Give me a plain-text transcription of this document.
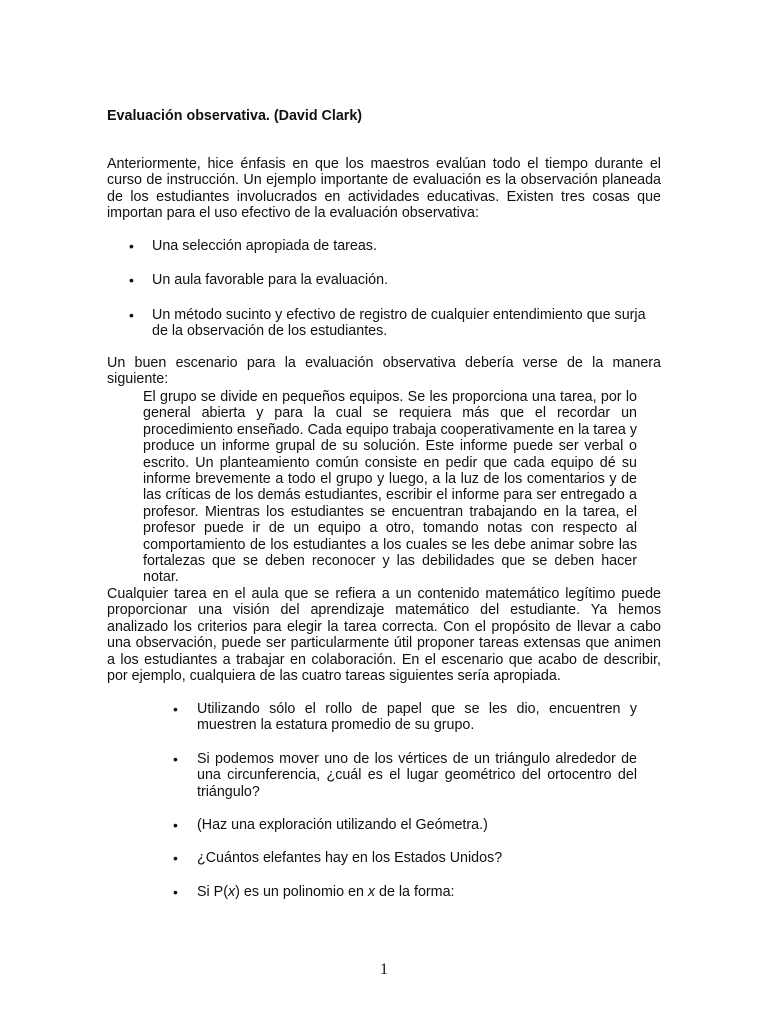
Evaluación observativa. (David Clark)

Anteriormente, hice énfasis en que los maestros evalúan todo el tiempo durante el curso de instrucción. Un ejemplo importante de evaluación es la observación planeada de los estudiantes involucrados en actividades educativas. Existen tres cosas que importan para el uso efectivo de la evaluación observativa:

• Una selección apropiada de tareas.
• Un aula favorable para la evaluación.
• Un método sucinto y efectivo de registro de cualquier entendimiento que surja de la observación de los estudiantes.

Un buen escenario para la evaluación observativa debería verse de la manera siguiente:

El grupo se divide en pequeños equipos. Se les proporciona una tarea, por lo general abierta y para la cual se requiera más que el recordar un procedimiento enseñado. Cada equipo trabaja cooperativamente en la tarea y produce un informe grupal de su solución. Este informe puede ser verbal o escrito. Un planteamiento común consiste en pedir que cada equipo dé su informe brevemente a todo el grupo y luego, a la luz de los comentarios y de las críticas de los demás estudiantes, escribir el informe para ser entregado a profesor. Mientras los estudiantes se encuentran trabajando en la tarea, el profesor puede ir de un equipo a otro, tomando notas con respecto al comportamiento de los estudiantes a los cuales se les debe animar sobre las fortalezas que se deben reconocer y las debilidades que se deben hacer notar.

Cualquier tarea en el aula que se refiera a un contenido matemático legítimo puede proporcionar una visión del aprendizaje matemático del estudiante. Ya hemos analizado los criterios para elegir la tarea correcta. Con el propósito de llevar a cabo una observación, puede ser particularmente útil proponer tareas extensas que animen a los estudiantes a trabajar en colaboración. En el escenario que acabo de describir, por ejemplo, cualquiera de las cuatro tareas siguientes sería apropiada.

• Utilizando sólo el rollo de papel que se les dio, encuentren y muestren la estatura promedio de su grupo.
• Si podemos mover uno de los vértices de un triángulo alrededor de una circunferencia, ¿cuál es el lugar geométrico del ortocentro del triángulo?
• (Haz una exploración utilizando el Geómetra.)
• ¿Cuántos elefantes hay en los Estados Unidos?
• Si P(x) es un polinomio en x de la forma:
1
